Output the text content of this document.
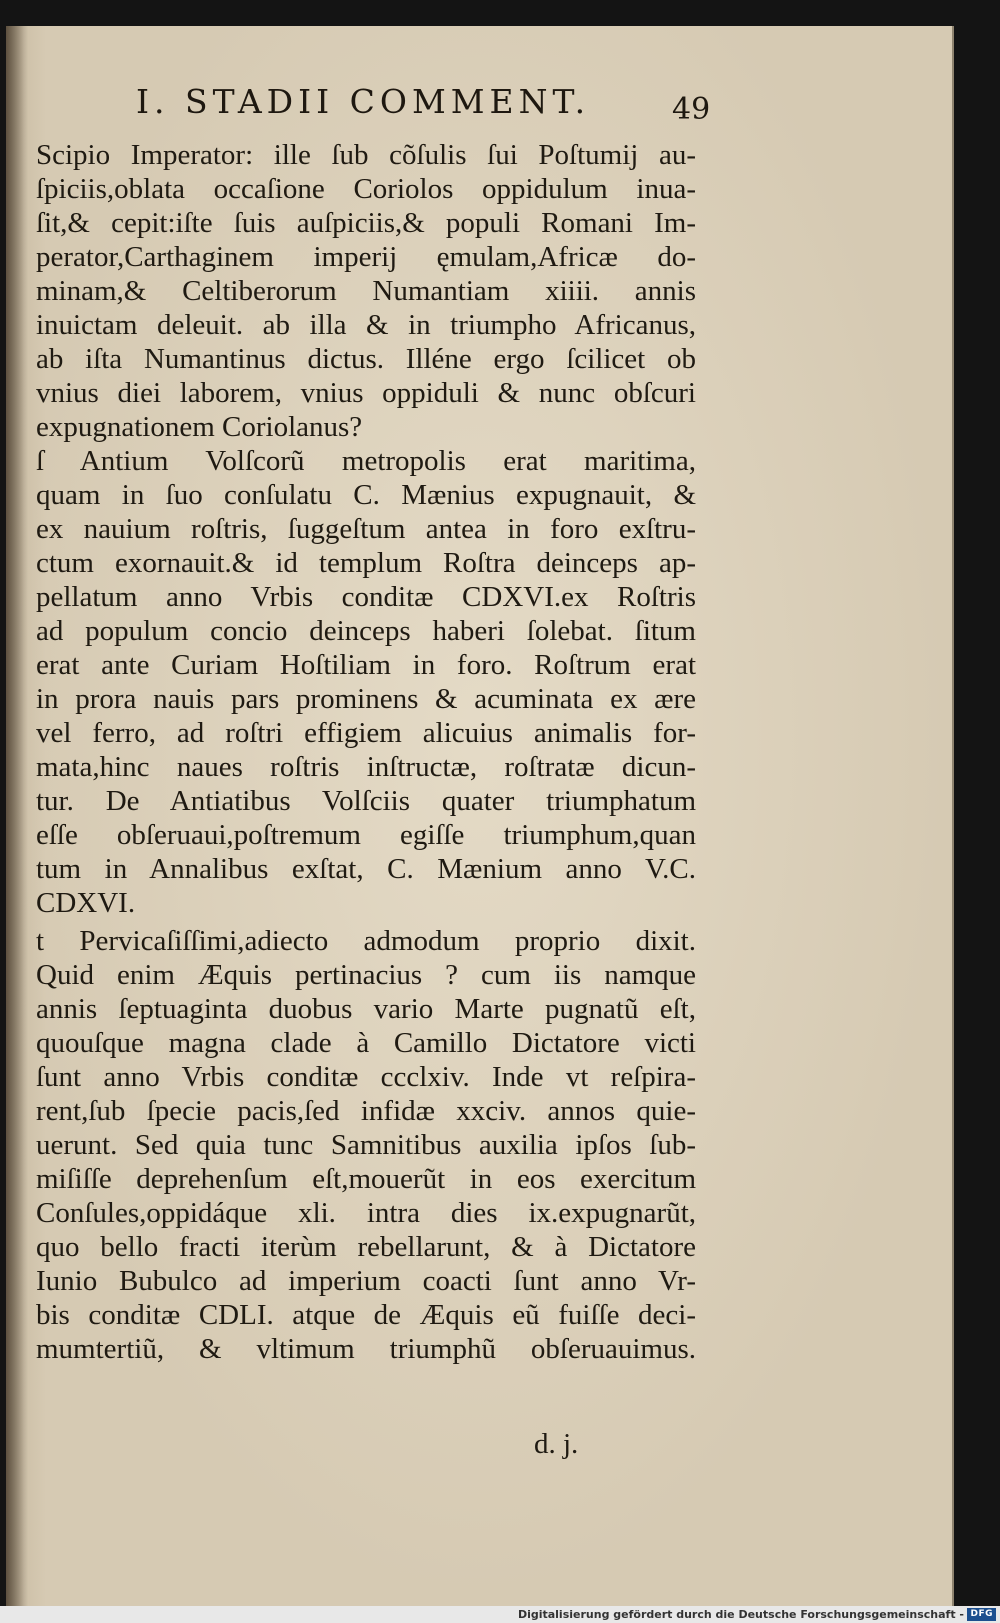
I. STADII COMMENT.	49
Scipio Imperator: ille ſub cõſulis ſui Poſtumij au-
ſpiciis,oblata occaſione Coriolos oppidulum inua-
ſit,& cepit:iſte ſuis auſpiciis,& populi Romani Im-
perator,Carthaginem imperij ęmulam,Africæ do-
minam,& Celtiberorum Numantiam xiiii. annis
inuictam deleuit. ab illa & in triumpho Africanus,
ab iſta Numantinus dictus. Illéne ergo ſcilicet ob
vnius diei laborem, vnius oppiduli & nunc obſcuri
expugnationem Coriolanus?
ſ Antium Volſcorũ metropolis erat maritima,
quam in ſuo conſulatu C. Mænius expugnauit, &
ex nauium roſtris, ſuggeſtum antea in foro exſtru-
ctum exornauit.& id templum Roſtra deinceps ap-
pellatum anno Vrbis conditæ CDXVI.ex Roſtris
ad populum concio deinceps haberi ſolebat. ſitum
erat ante Curiam Hoſtiliam in foro. Roſtrum erat
in prora nauis pars prominens & acuminata ex ære
vel ferro, ad roſtri effigiem alicuius animalis for-
mata,hinc naues roſtris inſtructæ, roſtratæ dicun-
tur. De Antiatibus Volſciis quater triumphatum
eſſe obſeruaui,poſtremum egiſſe triumphum,quan
tum in Annalibus exſtat, C. Mænium anno V.C.
CDXVI.
t Pervicaſiſſimi,adiecto admodum proprio dixit.
Quid enim Æquis pertinacius ? cum iis namque
annis ſeptuaginta duobus vario Marte pugnatũ eſt,
quouſque magna clade à Camillo Dictatore victi
ſunt anno Vrbis conditæ ccclxiv. Inde vt reſpira-
rent,ſub ſpecie pacis,ſed infidæ xxciv. annos quie-
uerunt. Sed quia tunc Samnitibus auxilia ipſos ſub-
miſiſſe deprehenſum eſt,mouerũt in eos exercitum
Conſules,oppidáque xli. intra dies ix.expugnarũt,
quo bello fracti iterùm rebellarunt, & à Dictatore
Iunio Bubulco ad imperium coacti ſunt anno Vr-
bis conditæ CDLI. atque de Æquis eũ fuiſſe deci-
mumtertiũ, & vltimum triumphũ obſeruauimus.
d. j.
Digitalisierung gefördert durch die Deutsche Forschungsgemeinschaft - DFG
